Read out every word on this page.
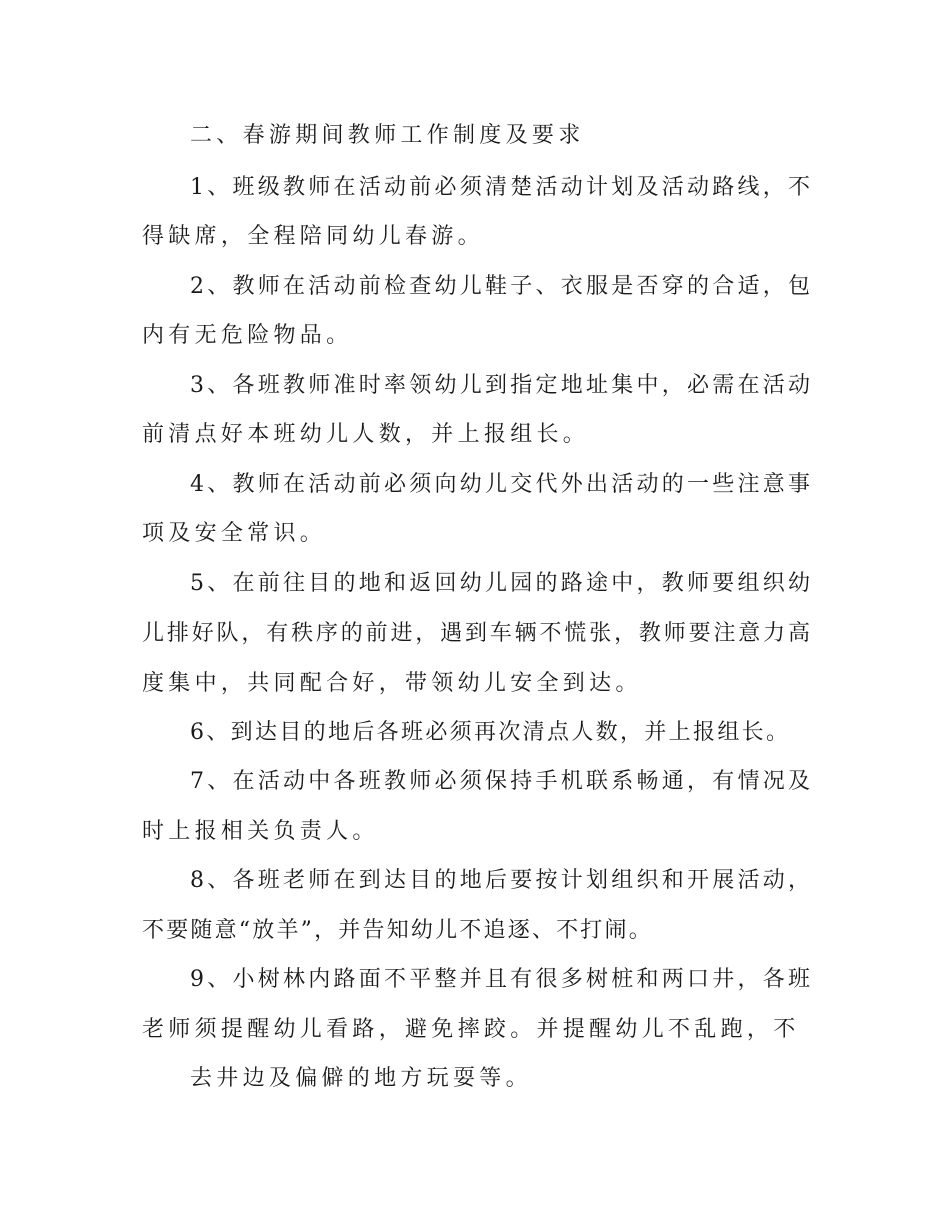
二、春游期间教师工作制度及要求
1、班级教师在活动前必须清楚活动计划及活动路线，不
得缺席，全程陪同幼儿春游。
2、教师在活动前检查幼儿鞋子、衣服是否穿的合适，包
内有无危险物品。
3、各班教师准时率领幼儿到指定地址集中，必需在活动
前清点好本班幼儿人数，并上报组长。
4、教师在活动前必须向幼儿交代外出活动的一些注意事
项及安全常识。
5、在前往目的地和返回幼儿园的路途中，教师要组织幼
儿排好队，有秩序的前进，遇到车辆不慌张，教师要注意力高
度集中，共同配合好，带领幼儿安全到达。
6、到达目的地后各班必须再次清点人数，并上报组长。
7、在活动中各班教师必须保持手机联系畅通，有情况及
时上报相关负责人。
8、各班老师在到达目的地后要按计划组织和开展活动，
不要随意“放羊”，并告知幼儿不追逐、不打闹。
9、小树林内路面不平整并且有很多树桩和两口井，各班
老师须提醒幼儿看路，避免摔跤。并提醒幼儿不乱跑，不
去井边及偏僻的地方玩耍等。
